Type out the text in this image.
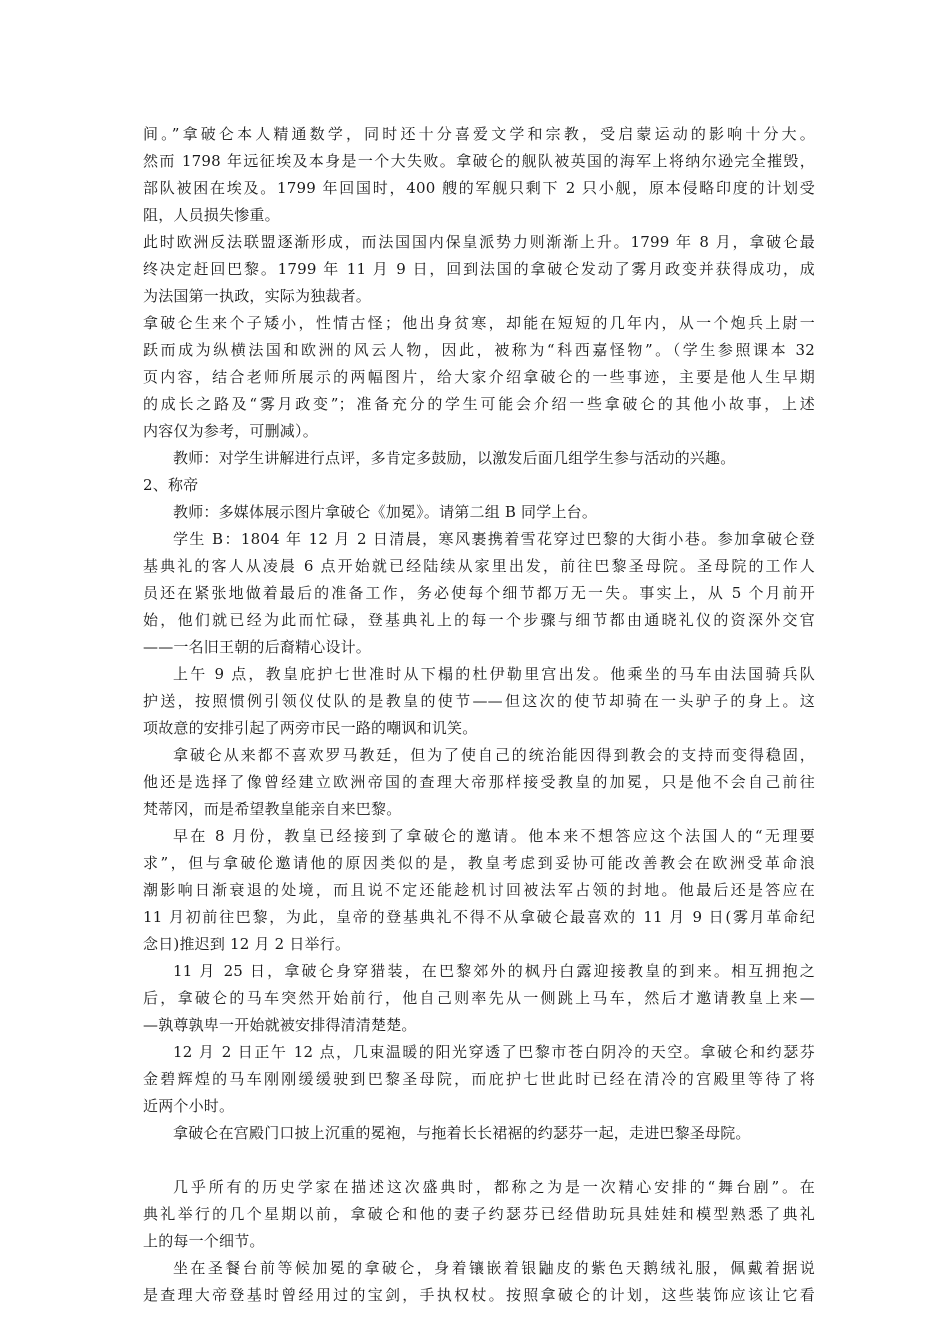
间。”拿破仑本人精通数学，同时还十分喜爱文学和宗教，受启蒙运动的影响十分大。
然而 1798 年远征埃及本身是一个大失败。拿破仑的舰队被英国的海军上将纳尔逊完全摧毁，
部队被困在埃及。1799 年回国时，400 艘的军舰只剩下 2 只小舰，原本侵略印度的计划受
阻，人员损失惨重。
此时欧洲反法联盟逐渐形成，而法国国内保皇派势力则渐渐上升。1799 年 8 月，拿破仑最
终决定赶回巴黎。1799 年 11 月 9 日，回到法国的拿破仑发动了雾月政变并获得成功，成
为法国第一执政，实际为独裁者。
拿破仑生来个子矮小，性情古怪；他出身贫寒，却能在短短的几年内，从一个炮兵上尉一
跃而成为纵横法国和欧洲的风云人物，因此，被称为“科西嘉怪物”。（学生参照课本 32
页内容，结合老师所展示的两幅图片，给大家介绍拿破仑的一些事迹，主要是他人生早期
的成长之路及“雾月政变”；准备充分的学生可能会介绍一些拿破仑的其他小故事，上述
内容仅为参考，可删减）。
教师：对学生讲解进行点评，多肯定多鼓励，以激发后面几组学生参与活动的兴趣。
2、称帝
教师：多媒体展示图片拿破仑《加冕》。请第二组 B 同学上台。
学生 B：1804 年 12 月 2 日清晨，寒风裹携着雪花穿过巴黎的大街小巷。参加拿破仑登
基典礼的客人从凌晨 6 点开始就已经陆续从家里出发，前往巴黎圣母院。圣母院的工作人
员还在紧张地做着最后的准备工作，务必使每个细节都万无一失。事实上，从 5 个月前开
始，他们就已经为此而忙碌，登基典礼上的每一个步骤与细节都由通晓礼仪的资深外交官
——一名旧王朝的后裔精心设计。
上午 9 点，教皇庇护七世准时从下榻的杜伊勒里宫出发。他乘坐的马车由法国骑兵队
护送，按照惯例引领仪仗队的是教皇的使节——但这次的使节却骑在一头驴子的身上。这
项故意的安排引起了两旁市民一路的嘲讽和讥笑。
拿破仑从来都不喜欢罗马教廷，但为了使自己的统治能因得到教会的支持而变得稳固，
他还是选择了像曾经建立欧洲帝国的查理大帝那样接受教皇的加冕，只是他不会自己前往
梵蒂冈，而是希望教皇能亲自来巴黎。
早在 8 月份，教皇已经接到了拿破仑的邀请。他本来不想答应这个法国人的“无理要
求”，但与拿破伦邀请他的原因类似的是，教皇考虑到妥协可能改善教会在欧洲受革命浪
潮影响日渐衰退的处境，而且说不定还能趁机讨回被法军占领的封地。他最后还是答应在
11 月初前往巴黎，为此，皇帝的登基典礼不得不从拿破仑最喜欢的 11 月 9 日(雾月革命纪
念日)推迟到 12 月 2 日举行。
11 月 25 日，拿破仑身穿猎装，在巴黎郊外的枫丹白露迎接教皇的到来。相互拥抱之
后，拿破仑的马车突然开始前行，他自己则率先从一侧跳上马车，然后才邀请教皇上来—
—孰尊孰卑一开始就被安排得清清楚楚。
12 月 2 日正午 12 点，几束温暖的阳光穿透了巴黎市苍白阴冷的天空。拿破仑和约瑟芬
金碧辉煌的马车刚刚缓缓驶到巴黎圣母院，而庇护七世此时已经在清冷的宫殿里等待了将
近两个小时。
拿破仑在宫殿门口披上沉重的冕袍，与拖着长长裙裾的约瑟芬一起，走进巴黎圣母院。
几乎所有的历史学家在描述这次盛典时，都称之为是一次精心安排的“舞台剧”。在
典礼举行的几个星期以前，拿破仑和他的妻子约瑟芬已经借助玩具娃娃和模型熟悉了典礼
上的每一个细节。
坐在圣餐台前等候加冕的拿破仑，身着镶嵌着银鼬皮的紫色天鹅绒礼服，佩戴着据说
是查理大帝登基时曾经用过的宝剑，手执权杖。按照拿破仑的计划，这些装饰应该让它看
